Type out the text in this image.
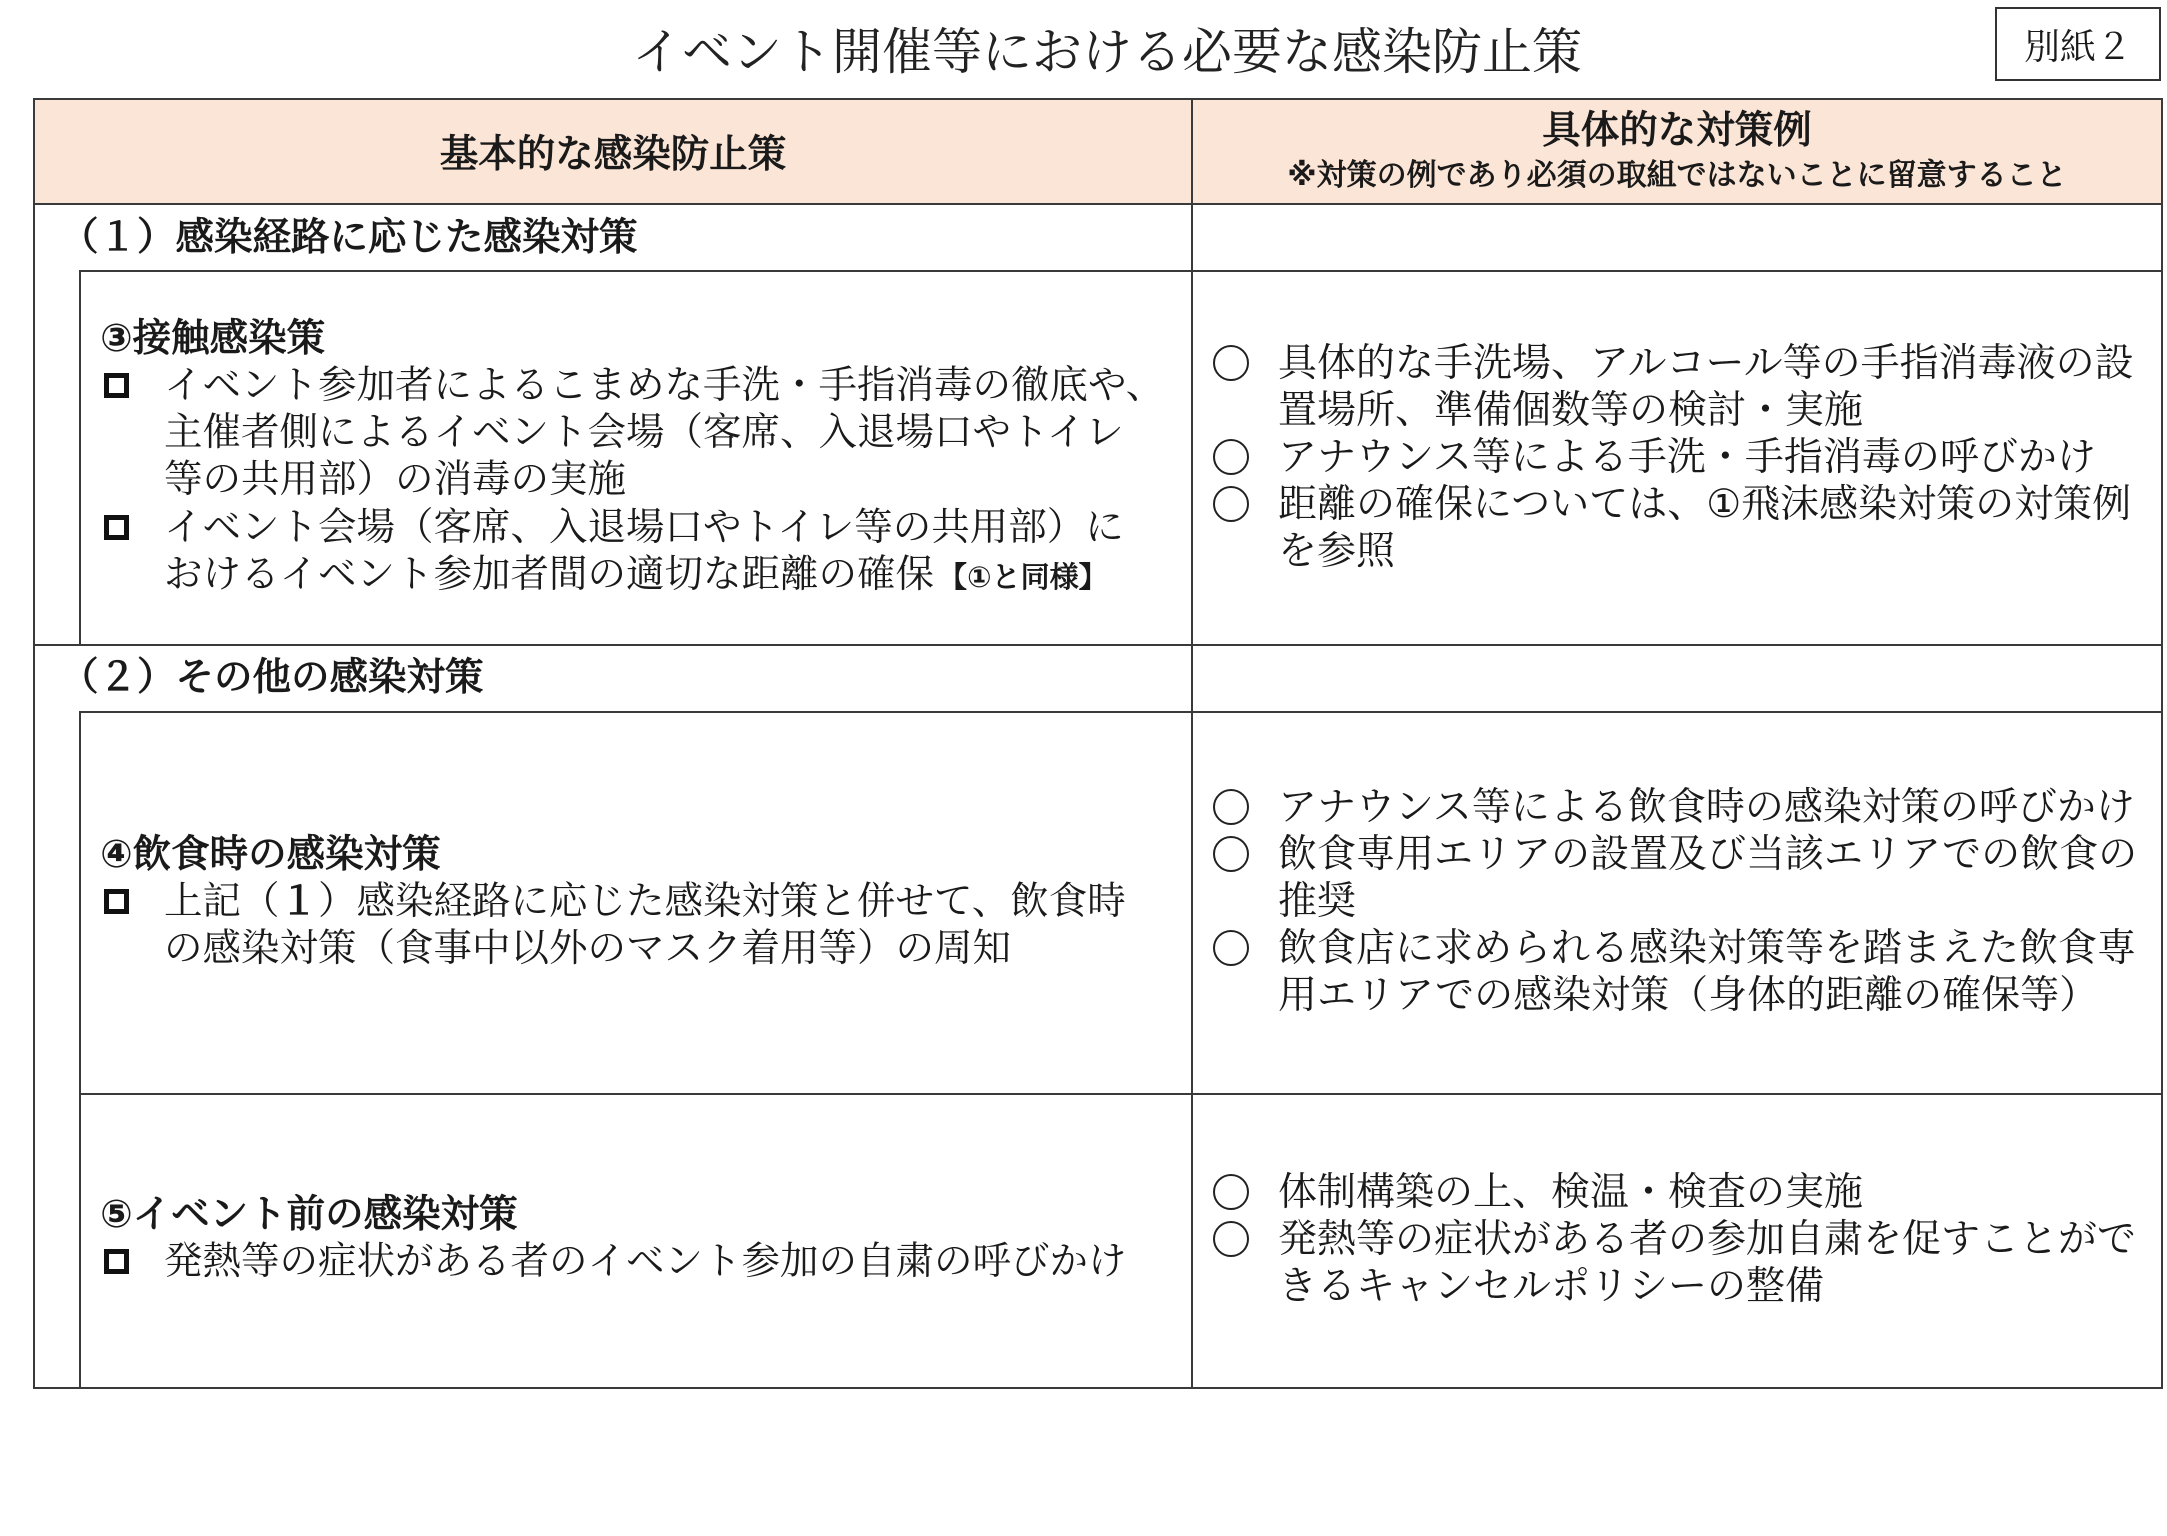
イベント開催等における必要な感染防止策	別紙２
基本的な感染防止策
具体的な対策例
※対策の例であり必須の取組ではないことに留意すること
（１）感染経路に応じた感染対策
③接触感染策
イベント参加者によるこまめな手洗・手指消毒の徹底や、
主催者側によるイベント会場（客席、入退場口やトイレ
等の共用部）の消毒の実施
イベント会場（客席、入退場口やトイレ等の共用部）に
おけるイベント参加者間の適切な距離の確保 【①と同様】
具体的な手洗場、アルコール等の手指消毒液の設
置場所、準備個数等の検討・実施
アナウンス等による手洗・手指消毒の呼びかけ
距離の確保については、①飛沫感染対策の対策例
を参照
（２）その他の感染対策
④飲食時の感染対策
上記（１）感染経路に応じた感染対策と併せて、飲食時
の感染対策（食事中以外のマスク着用等）の周知
アナウンス等による飲食時の感染対策の呼びかけ
飲食専用エリアの設置及び当該エリアでの飲食の
推奨
飲食店に求められる感染対策等を踏まえた飲食専
用エリアでの感染対策（身体的距離の確保等）
⑤イベント前の感染対策
発熱等の症状がある者のイベント参加の自粛の呼びかけ
体制構築の上、検温・検査の実施
発熱等の症状がある者の参加自粛を促すことがで
きるキャンセルポリシーの整備
